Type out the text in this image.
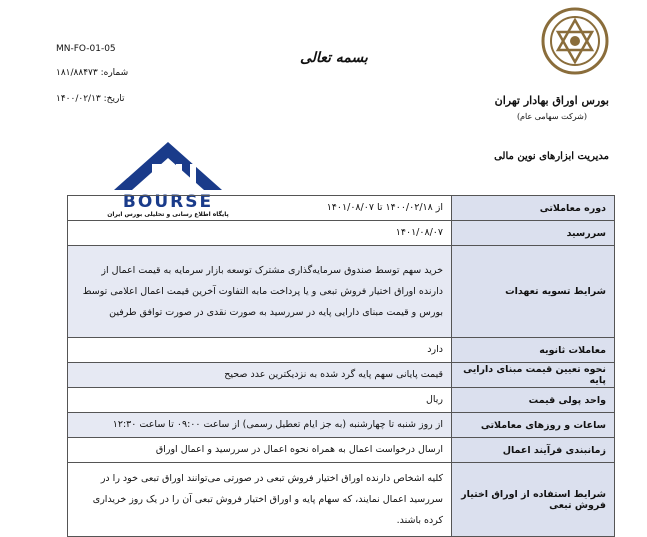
MN-FO-01-05
شماره: ۱۸۱/۸۸۴۷۳
تاریخ: ۱۴۰۰/۰۲/۱۳
بسمه تعالی
بورس اوراق بهادار تهران
(شرکت سهامی عام)
مدیریت ابزارهای نوین مالی
BOURSE
پایگاه اطلاع رسانی و تحلیلی بورس ایران
دوره معاملاتی	از ۱۴۰۰/۰۲/۱۸ تا ۱۴۰۱/۰۸/۰۷
سررسید	۱۴۰۱/۰۸/۰۷
شرایط تسویه تعهدات	خرید سهم توسط صندوق سرمایه‌گذاری مشترک توسعه بازار سرمایه به قیمت اعمال از دارنده اوراق اختیار فروش تبعی و یا پرداخت مابه التفاوت آخرین قیمت اعمال اعلامی توسط بورس و قیمت مبنای دارایی پایه در سررسید به صورت نقدی در صورت توافق طرفین
معاملات ثانویه	دارد
نحوه تعیین قیمت مبنای دارایی پایه	قیمت پایانی سهم پایه گرد شده به نزدیکترین عدد صحیح
واحد پولی قیمت	ریال
ساعات و روزهای معاملاتی	از روز شنبه تا چهارشنبه (به جز ایام تعطیل رسمی) از ساعت ۰۹:۰۰ تا ساعت ۱۲:۳۰
زمانبندی فرآیند اعمال	ارسال درخواست اعمال به همراه نحوه اعمال در سررسید و اعمال اوراق
شرایط استفاده از اوراق اختیار فروش تبعی	کلیه اشخاص دارنده اوراق اختیار فروش تبعی در صورتی می‌توانند اوراق تبعی خود را در سررسید اعمال نمایند، که سهام پایه و اوراق اختیار فروش تبعی آن را در یک روز خریداری کرده باشند.
